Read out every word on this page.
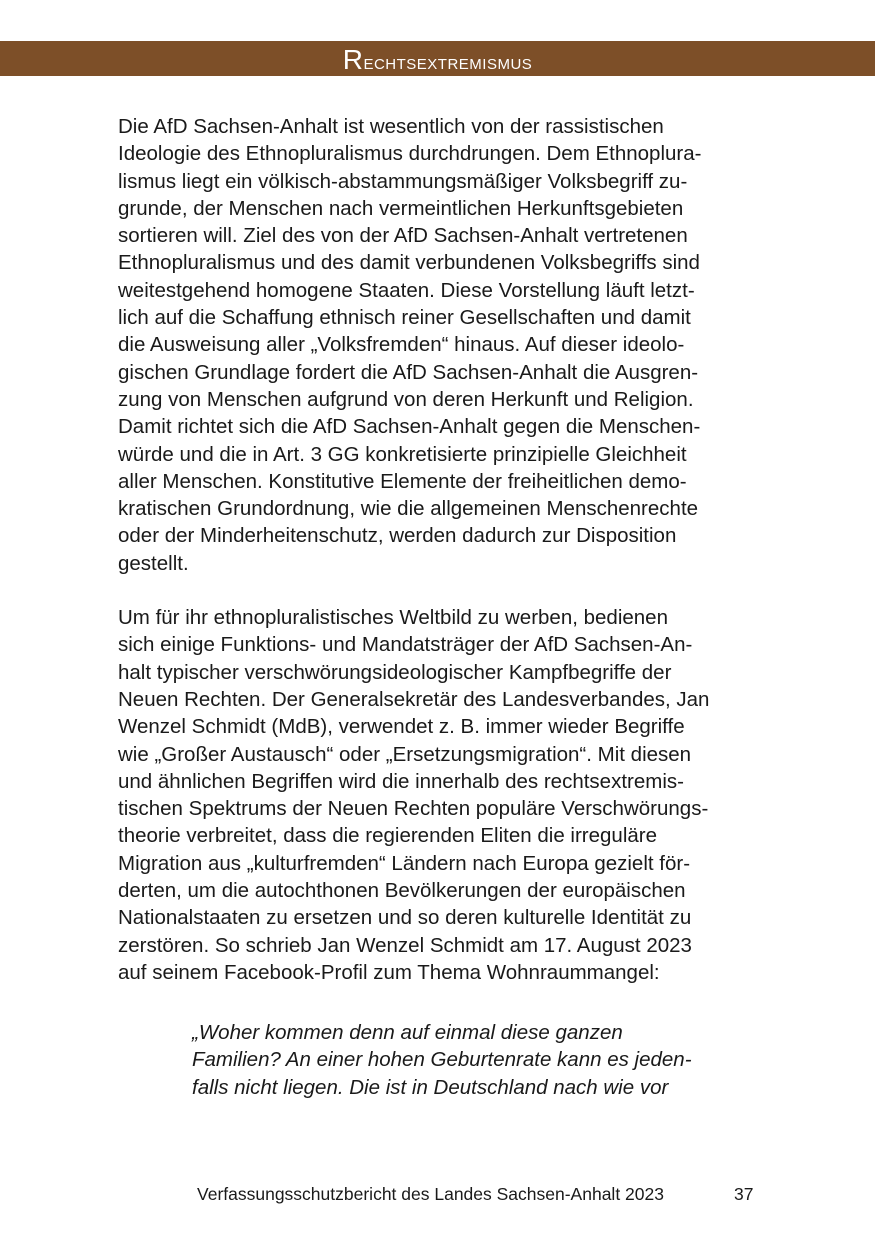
Rechtsextremismus

Die AfD Sachsen-Anhalt ist wesentlich von der rassistischen
Ideologie des Ethnopluralismus durchdrungen. Dem Ethnoplura-
lismus liegt ein völkisch-abstammungsmäßiger Volksbegriff zu-
grunde, der Menschen nach vermeintlichen Herkunftsgebieten
sortieren will. Ziel des von der AfD Sachsen-Anhalt vertretenen
Ethnopluralismus und des damit verbundenen Volksbegriffs sind
weitestgehend homogene Staaten. Diese Vorstellung läuft letzt-
lich auf die Schaffung ethnisch reiner Gesellschaften und damit
die Ausweisung aller „Volksfremden“ hinaus. Auf dieser ideolo-
gischen Grundlage fordert die AfD Sachsen-Anhalt die Ausgren-
zung von Menschen aufgrund von deren Herkunft und Religion.
Damit richtet sich die AfD Sachsen-Anhalt gegen die Menschen-
würde und die in Art. 3 GG konkretisierte prinzipielle Gleichheit
aller Menschen. Konstitutive Elemente der freiheitlichen demo-
kratischen Grundordnung, wie die allgemeinen Menschenrechte
oder der Minderheitenschutz, werden dadurch zur Disposition
gestellt.

Um für ihr ethnopluralistisches Weltbild zu werben, bedienen
sich einige Funktions- und Mandatsträger der AfD Sachsen-An-
halt typischer verschwörungsideologischer Kampfbegriffe der
Neuen Rechten. Der Generalsekretär des Landesverbandes, Jan
Wenzel Schmidt (MdB), verwendet z. B. immer wieder Begriffe
wie „Großer Austausch“ oder „Ersetzungsmigration“. Mit diesen
und ähnlichen Begriffen wird die innerhalb des rechtsextremis-
tischen Spektrums der Neuen Rechten populäre Verschwörungs-
theorie verbreitet, dass die regierenden Eliten die irreguläre
Migration aus „kulturfremden“ Ländern nach Europa gezielt för-
derten, um die autochthonen Bevölkerungen der europäischen
Nationalstaaten zu ersetzen und so deren kulturelle Identität zu
zerstören. So schrieb Jan Wenzel Schmidt am 17. August 2023
auf seinem Facebook-Profil zum Thema Wohnraummangel:

„Woher kommen denn auf einmal diese ganzen
Familien? An einer hohen Geburtenrate kann es jeden-
falls nicht liegen. Die ist in Deutschland nach wie vor
Verfassungsschutzbericht des Landes Sachsen-Anhalt 2023	37
